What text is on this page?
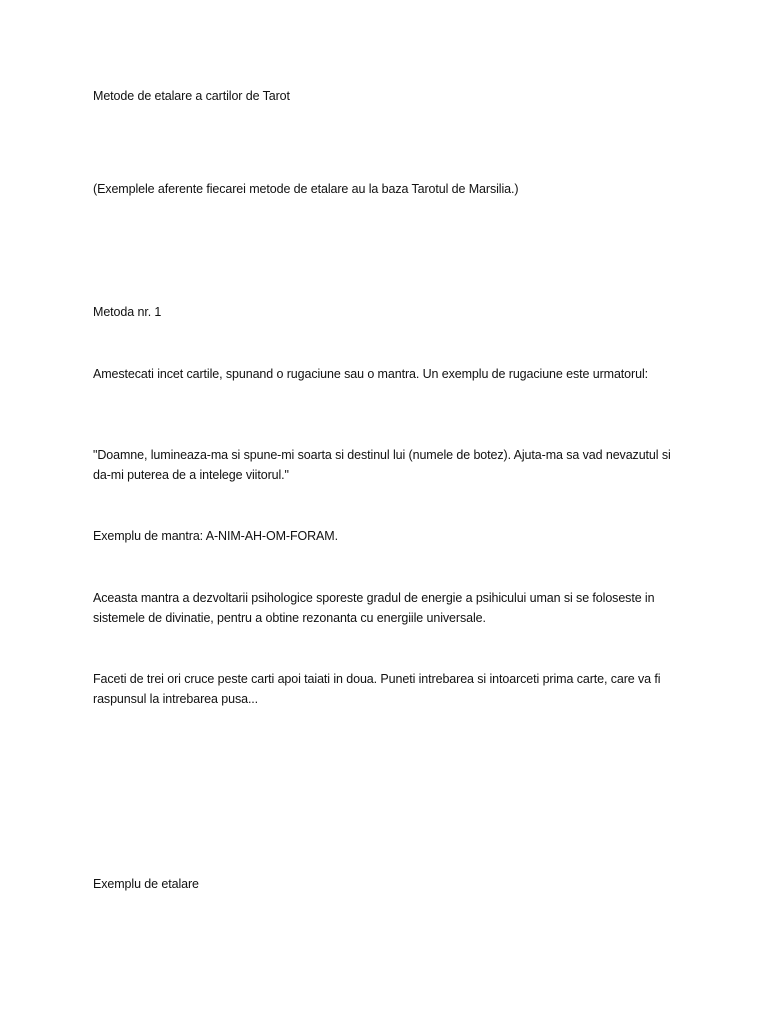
Metode de etalare a cartilor de Tarot

(Exemplele aferente fiecarei metode de etalare au la baza Tarotul de Marsilia.)

Metoda nr. 1

Amestecati incet cartile, spunand o rugaciune sau o mantra. Un exemplu de rugaciune este urmatorul:

"Doamne, lumineaza-ma si spune-mi soarta si destinul lui (numele de botez). Ajuta-ma sa vad nevazutul si da-mi puterea de a intelege viitorul."

Exemplu de mantra: A-NIM-AH-OM-FORAM.

Aceasta mantra a dezvoltarii psihologice sporeste gradul de energie a psihicului uman si se foloseste in sistemele de divinatie, pentru a obtine rezonanta cu energiile universale.

Faceti de trei ori cruce peste carti apoi taiati in doua. Puneti intrebarea si intoarceti prima carte, care va fi raspunsul la intrebarea pusa...

Exemplu de etalare
